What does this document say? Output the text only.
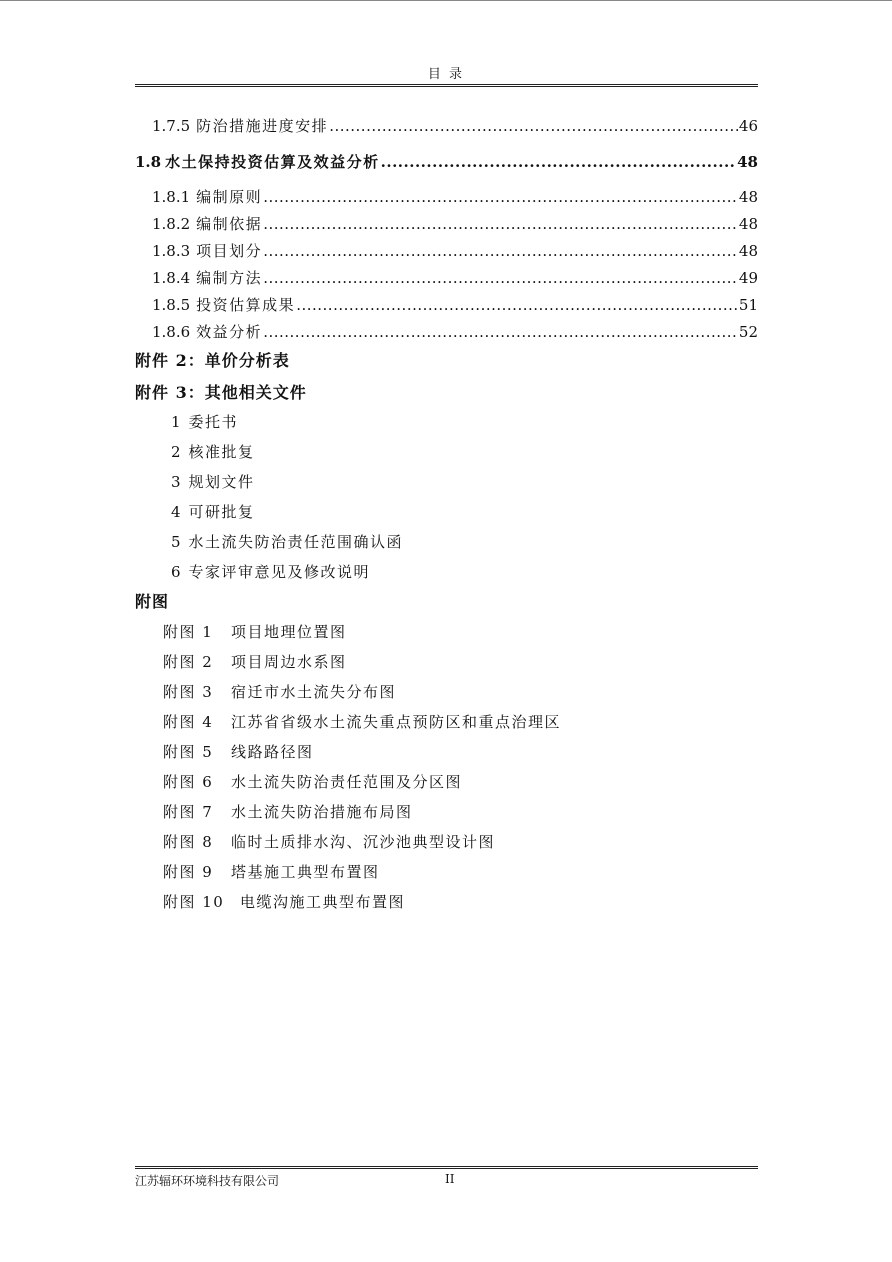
目 录
1.7.5 防治措施进度安排 .....	46
1.8 水土保持投资估算及效益分析 .....	48
1.8.1 编制原则 .....	48
1.8.2 编制依据 .....	48
1.8.3 项目划分 .....	48
1.8.4 编制方法 .....	49
1.8.5 投资估算成果 .....	51
1.8.6 效益分析 .....	52
附件 2：单价分析表
附件 3：其他相关文件
1 委托书
2 核准批复
3 规划文件
4 可研批复
5 水土流失防治责任范围确认函
6 专家评审意见及修改说明
附图
附图 1 项目地理位置图
附图 2 项目周边水系图
附图 3 宿迁市水土流失分布图
附图 4 江苏省省级水土流失重点预防区和重点治理区
附图 5 线路路径图
附图 6 水土流失防治责任范围及分区图
附图 7 水土流失防治措施布局图
附图 8 临时土质排水沟、沉沙池典型设计图
附图 9 塔基施工典型布置图
附图 10 电缆沟施工典型布置图
江苏辐环环境科技有限公司	II
